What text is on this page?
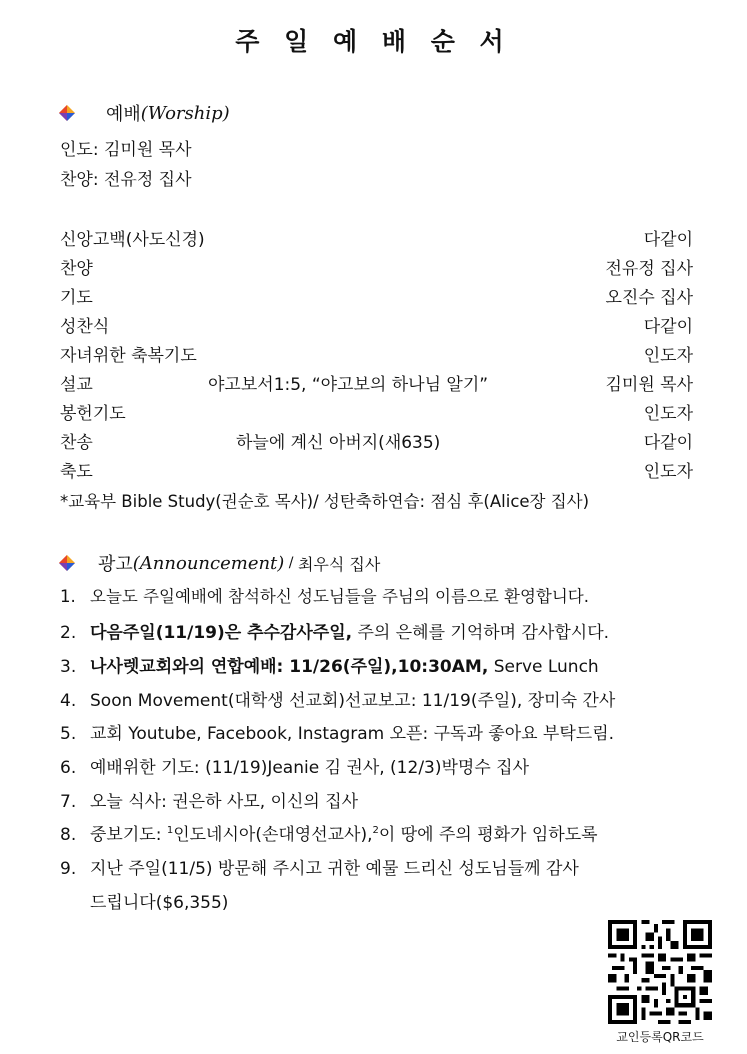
주 일 예 배 순 서
예배 (Worship)
인도: 김미원 목사
찬양: 전유정 집사
신앙고백(사도신경)	다같이
찬양	전유정 집사
기도	오진수 집사
성찬식	다같이
자녀위한 축복기도	인도자
설교	야고보서1:5, “야고보의 하나님 알기”	김미원 목사
봉헌기도	인도자
찬송	하늘에 계신 아버지(새635)	다같이
축도	인도자
*교육부 Bible Study(권순호 목사)/ 성탄축하연습: 점심 후(Alice장 집사)
광고 (Announcement) / 최우식 집사
1. 오늘도 주일예배에 참석하신 성도님들을 주님의 이름으로 환영합니다.
2. 다음주일(11/19)은 추수감사주일, 주의 은혜를 기억하며 감사합시다.
3. 나사렛교회와의 연합예배: 11/26(주일),10:30AM, Serve Lunch
4. Soon Movement(대학생 선교회)선교보고: 11/19(주일), 장미숙 간사
5. 교회 Youtube, Facebook, Instagram 오픈: 구독과 좋아요 부탁드림.
6. 예배위한 기도: (11/19)Jeanie 김 권사, (12/3)박명수 집사
7. 오늘 식사: 권은하 사모, 이신의 집사
8. 중보기도: $^1$인도네시아(손대영선교사),$^2$이 땅에 주의 평화가 임하도록
9. 지난 주일(11/5) 방문해 주시고 귀한 예물 드리신 성도님들께 감사
드립니다($6,355)
교인등록QR코드
